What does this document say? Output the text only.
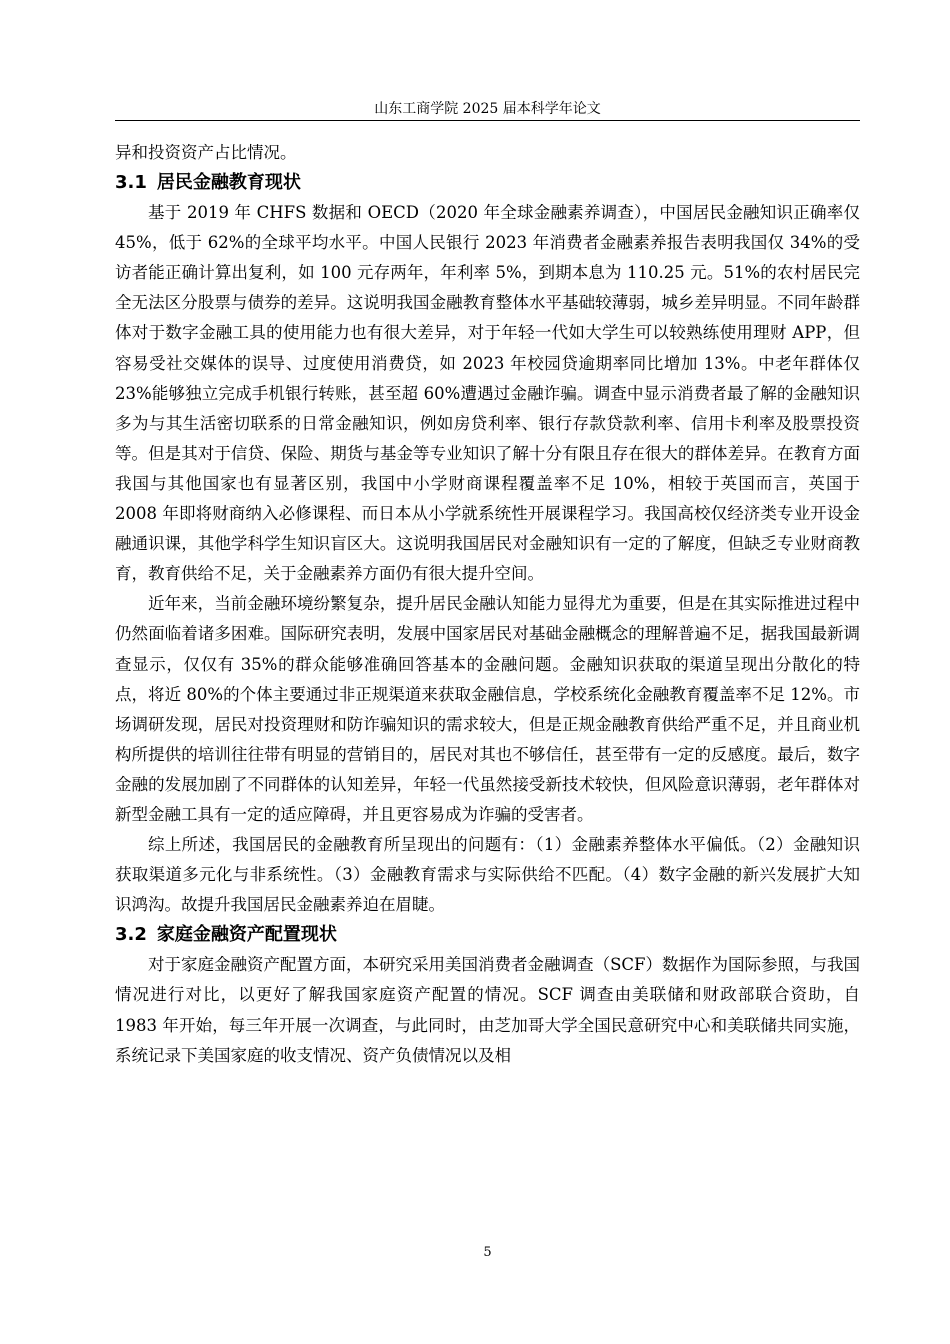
山东工商学院 2025 届本科学年论文

异和投资资产占比情况。

3.1 居民金融教育现状

基于 2019 年 CHFS 数据和 OECD（2020 年全球金融素养调查），中国居民金融知识正确率仅 45%，低于 62%的全球平均水平。中国人民银行 2023 年消费者金融素养报告表明我国仅 34%的受访者能正确计算出复利，如 100 元存两年，年利率 5%，到期本息为 110.25 元。51%的农村居民完全无法区分股票与债券的差异。这说明我国金融教育整体水平基础较薄弱，城乡差异明显。不同年龄群体对于数字金融工具的使用能力也有很大差异，对于年轻一代如大学生可以较熟练使用理财 APP，但容易受社交媒体的误导、过度使用消费贷，如 2023 年校园贷逾期率同比增加 13%。中老年群体仅 23%能够独立完成手机银行转账，甚至超 60%遭遇过金融诈骗。调查中显示消费者最了解的金融知识多为与其生活密切联系的日常金融知识，例如房贷利率、银行存款贷款利率、信用卡利率及股票投资等。但是其对于信贷、保险、期货与基金等专业知识了解十分有限且存在很大的群体差异。在教育方面我国与其他国家也有显著区别，我国中小学财商课程覆盖率不足 10%，相较于英国而言，英国于 2008 年即将财商纳入必修课程、而日本从小学就系统性开展课程学习。我国高校仅经济类专业开设金融通识课，其他学科学生知识盲区大。这说明我国居民对金融知识有一定的了解度，但缺乏专业财商教育，教育供给不足，关于金融素养方面仍有很大提升空间。

近年来，当前金融环境纷繁复杂，提升居民金融认知能力显得尤为重要，但是在其实际推进过程中仍然面临着诸多困难。国际研究表明，发展中国家居民对基础金融概念的理解普遍不足，据我国最新调查显示，仅仅有 35%的群众能够准确回答基本的金融问题。金融知识获取的渠道呈现出分散化的特点，将近 80%的个体主要通过非正规渠道来获取金融信息，学校系统化金融教育覆盖率不足 12%。市场调研发现，居民对投资理财和防诈骗知识的需求较大，但是正规金融教育供给严重不足，并且商业机构所提供的培训往往带有明显的营销目的，居民对其也不够信任，甚至带有一定的反感度。最后，数字金融的发展加剧了不同群体的认知差异，年轻一代虽然接受新技术较快，但风险意识薄弱，老年群体对新型金融工具有一定的适应障碍，并且更容易成为诈骗的受害者。

综上所述，我国居民的金融教育所呈现出的问题有：（1）金融素养整体水平偏低。（2）金融知识获取渠道多元化与非系统性。（3）金融教育需求与实际供给不匹配。（4）数字金融的新兴发展扩大知识鸿沟。故提升我国居民金融素养迫在眉睫。

3.2 家庭金融资产配置现状

对于家庭金融资产配置方面，本研究采用美国消费者金融调查（SCF）数据作为国际参照，与我国情况进行对比，以更好了解我国家庭资产配置的情况。SCF 调查由美联储和财政部联合资助，自 1983 年开始，每三年开展一次调查，与此同时，由芝加哥大学全国民意研究中心和美联储共同实施，系统记录下美国家庭的收支情况、资产负债情况以及相

5
